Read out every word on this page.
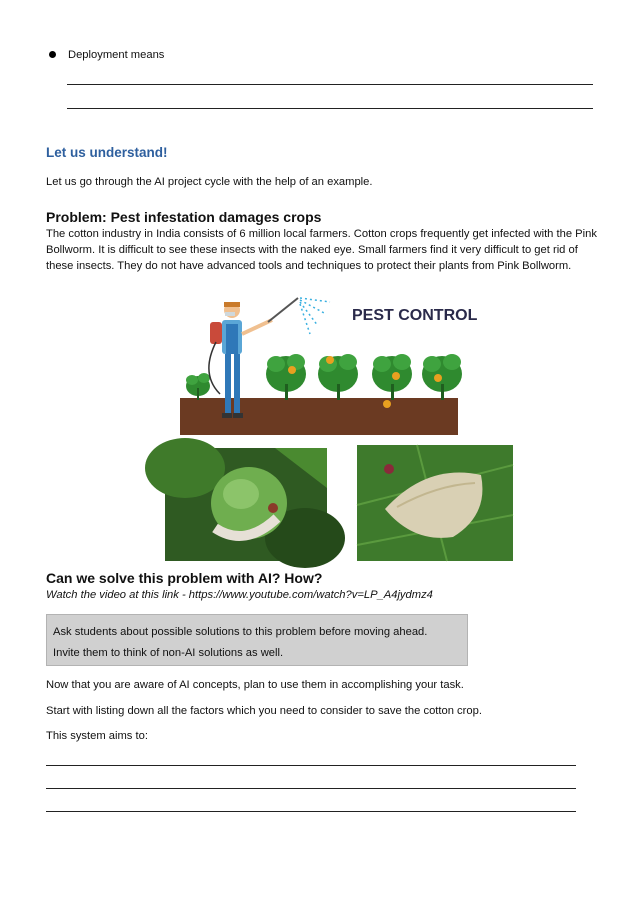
Deployment means
Let us understand!
Let us go through the AI project cycle with the help of an example.
Problem: Pest infestation damages crops
The cotton industry in India consists of 6 million local farmers. Cotton crops frequently get infected with the Pink Bollworm. It is difficult to see these insects with the naked eye. Small farmers find it very difficult to get rid of these insects. They do not have advanced tools and techniques to protect their plants from Pink Bollworm.
PEST CONTROL
Can we solve this problem with AI? How?
Watch the video at this link - https://www.youtube.com/watch?v=LP_A4jydmz4
Ask students about possible solutions to this problem before moving ahead.
Invite them to think of non-AI solutions as well.
Now that you are aware of AI concepts, plan to use them in accomplishing your task.
Start with listing down all the factors which you need to consider to save the cotton crop.
This system aims to:
